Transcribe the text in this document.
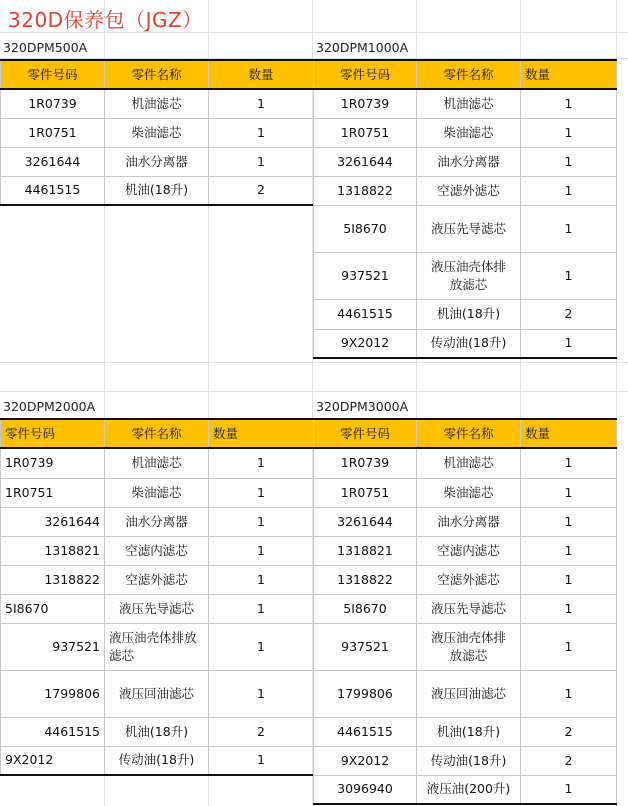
320D保养包（JGZ）
320DPM500A	320DPM1000A
320DPM2000A	320DPM3000A
零件号码	零件名称	数量
1R0739	机油滤芯	1
1R0751	柴油滤芯	1
3261644	油水分离器	1
4461515	机油(18升)	2
零件号码	零件名称	数量
1R0739	机油滤芯	1
1R0751	柴油滤芯	1
3261644	油水分离器	1
1318822	空滤外滤芯	1
5I8670	液压先导滤芯	1
937521	液压油壳体排放滤芯	1
4461515	机油(18升)	2
9X2012	传动油(18升)	1
零件号码	零件名称	数量
1R0739	机油滤芯	1
1R0751	柴油滤芯	1
3261644	油水分离器	1
1318821	空滤内滤芯	1
1318822	空滤外滤芯	1
5I8670	液压先导滤芯	1
937521	液压油壳体排放滤芯	1
1799806	液压回油滤芯	1
4461515	机油(18升)	2
9X2012	传动油(18升)	1
零件号码	零件名称	数量
1R0739	机油滤芯	1
1R0751	柴油滤芯	1
3261644	油水分离器	1
1318821	空滤内滤芯	1
1318822	空滤外滤芯	1
5I8670	液压先导滤芯	1
937521	液压油壳体排放滤芯	1
1799806	液压回油滤芯	1
4461515	机油(18升)	2
9X2012	传动油(18升)	2
3096940	液压油(200升)	1
